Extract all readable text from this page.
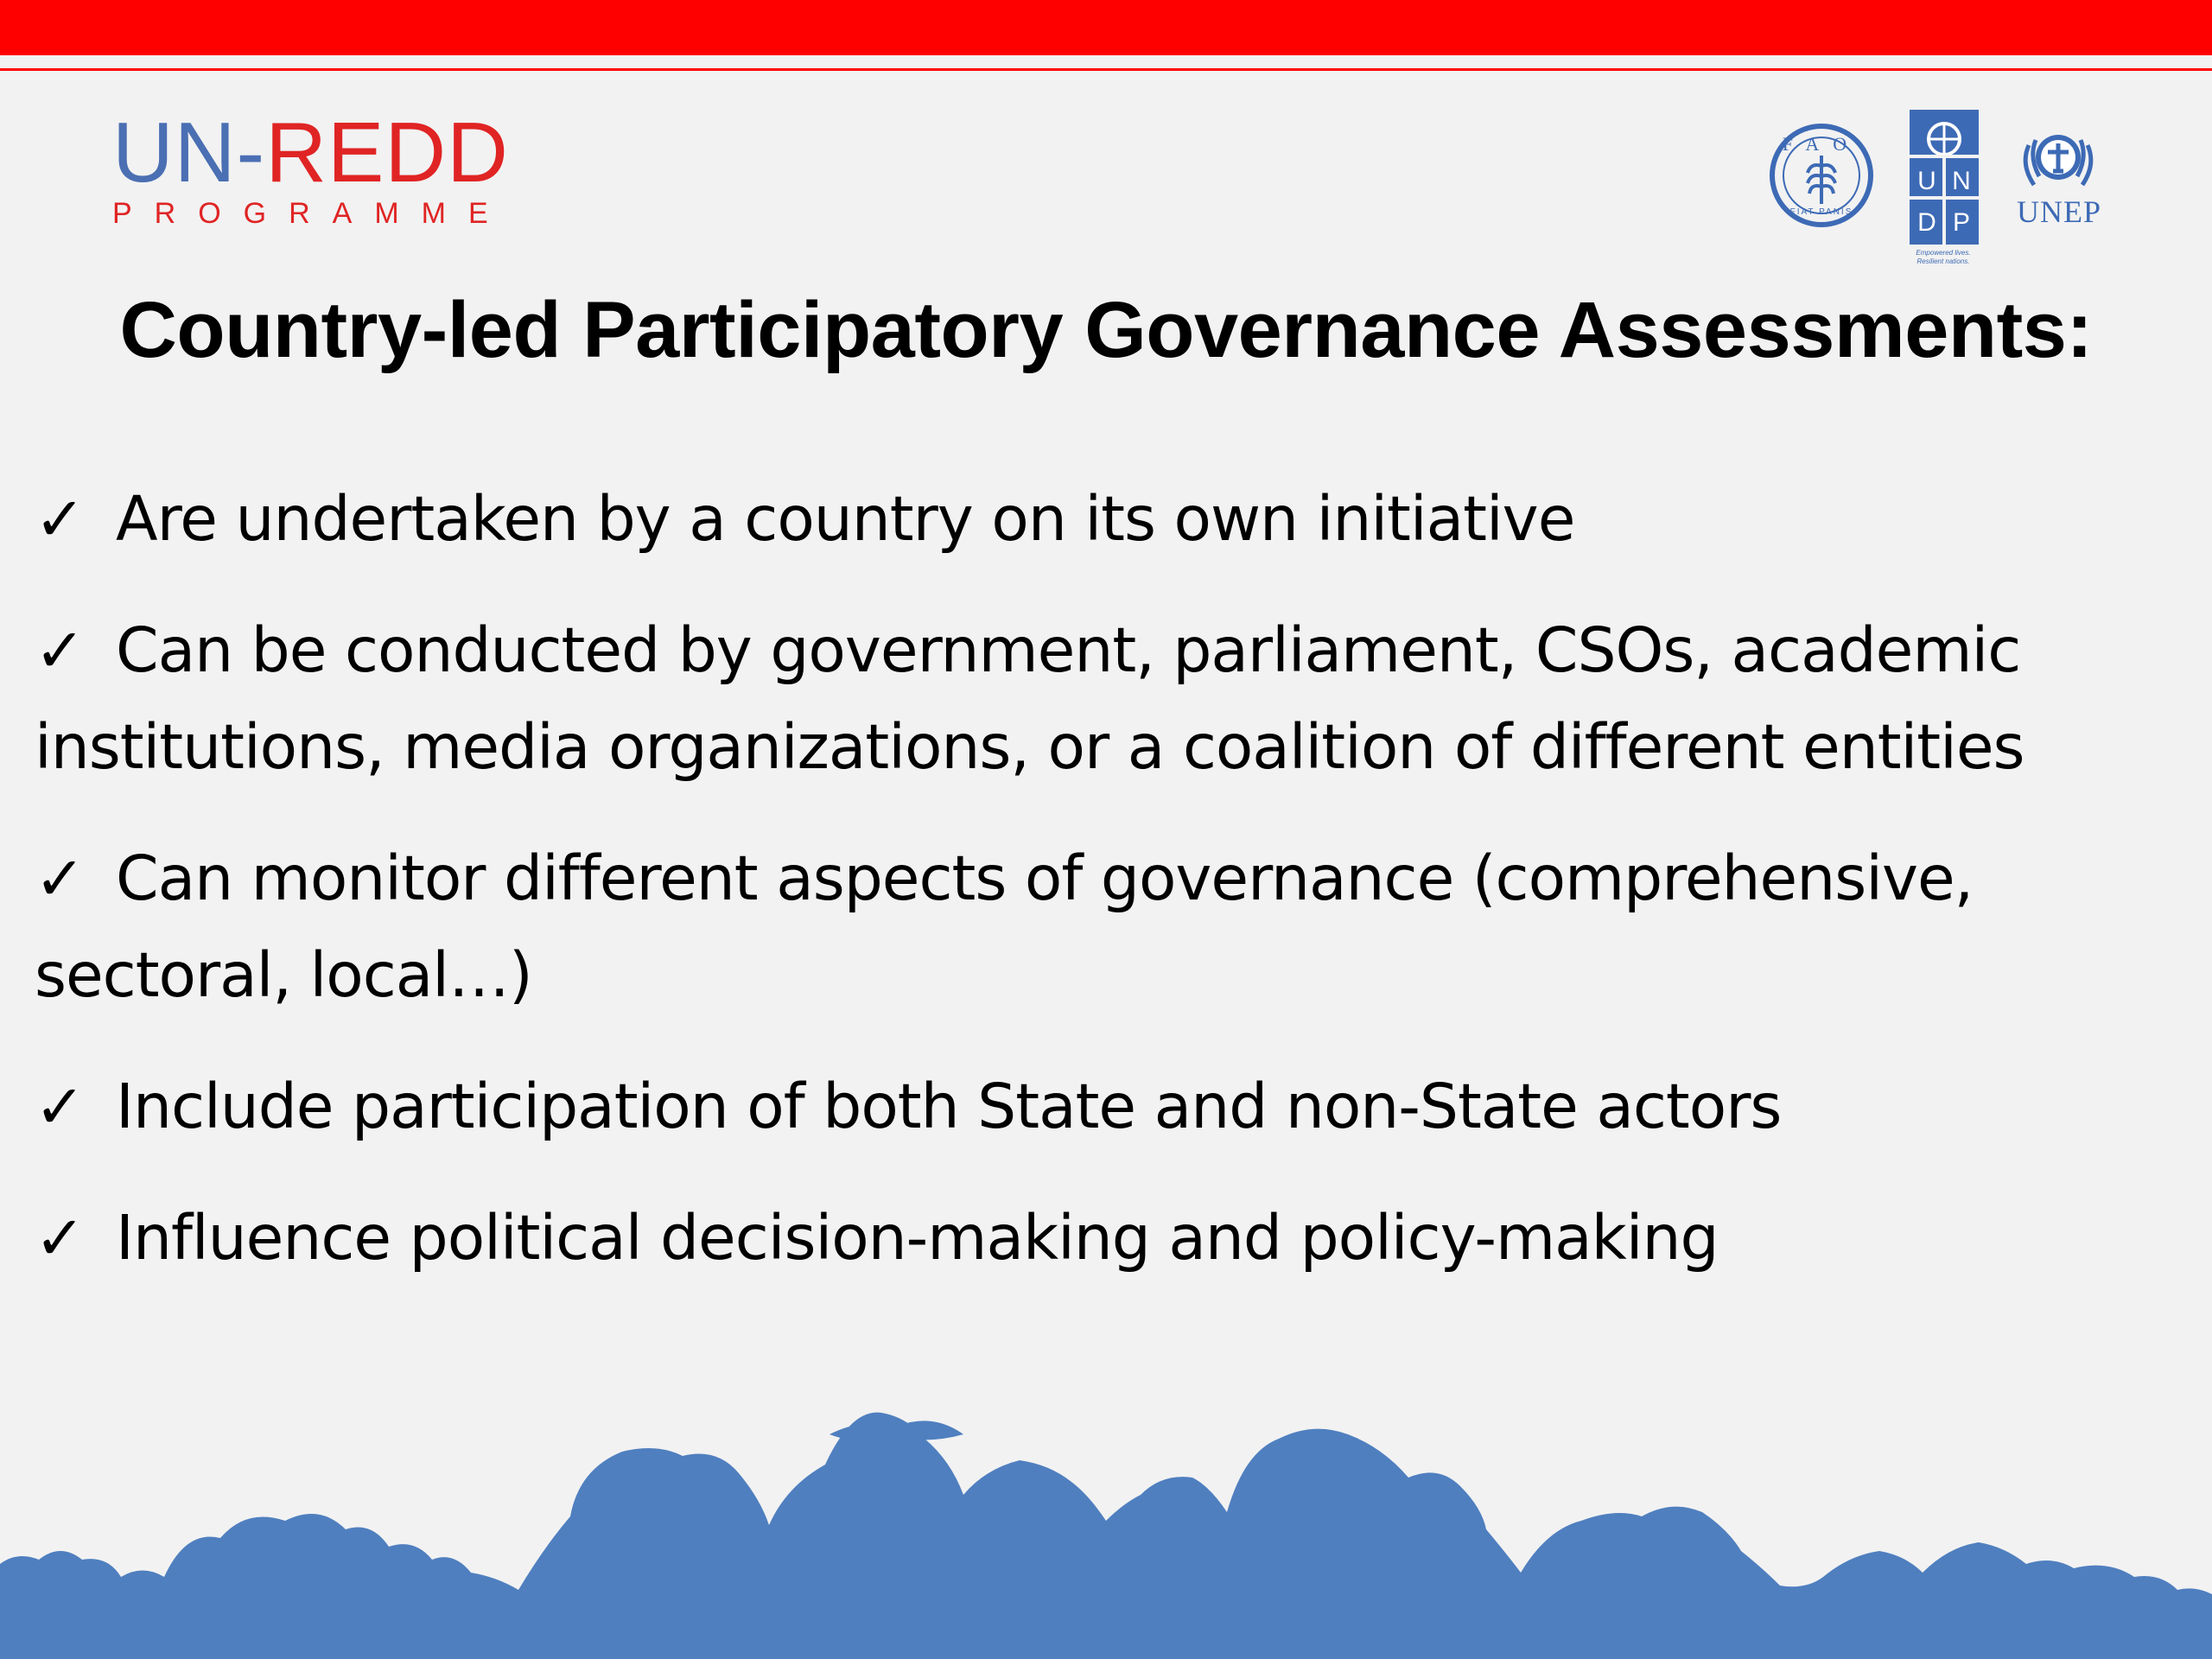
UN-REDD
PROGRAMME
FAO
FIAT PANIS
U N
D P
Empowered lives. Resilient nations.
UNEP
Country-led Participatory Governance Assessments:
✓ Are undertaken by a country on its own initiative
✓ Can be conducted by government, parliament, CSOs, academic institutions, media organizations, or a coalition of different entities
✓ Can monitor different aspects of governance (comprehensive, sectoral, local…)
✓ Include participation of both State and non-State actors
✓ Influence political decision-making and policy-making
